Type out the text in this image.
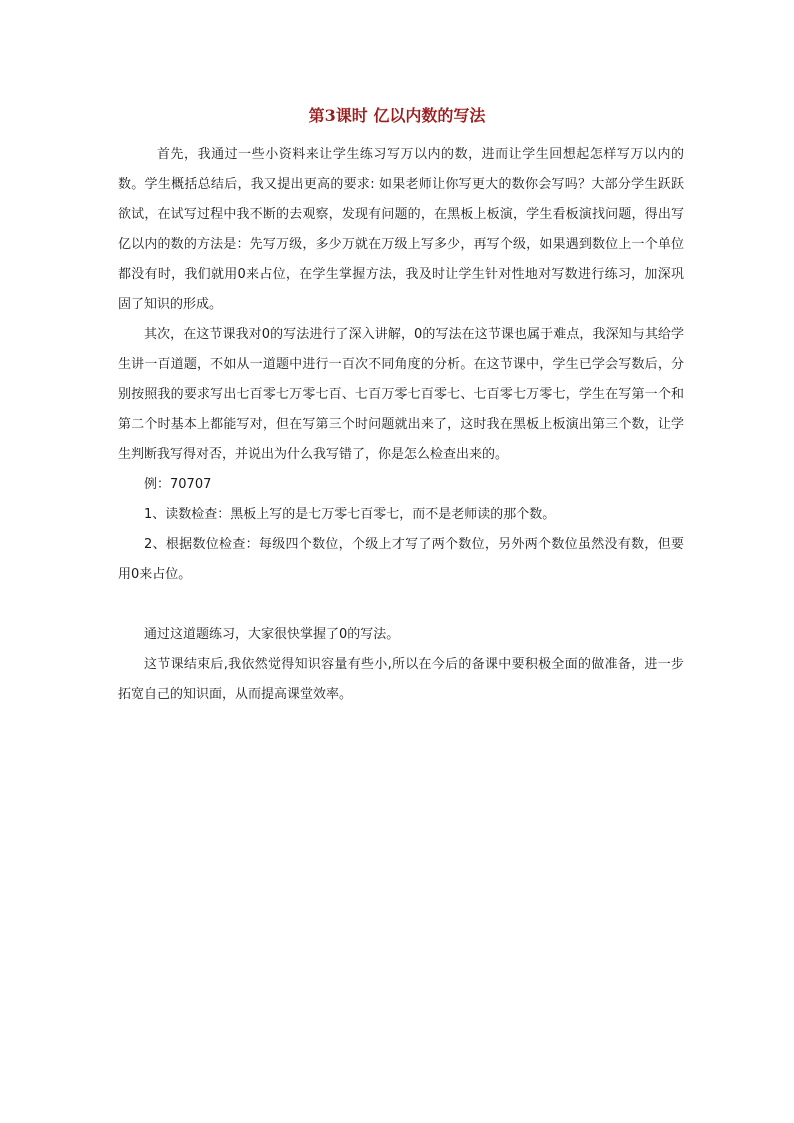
第3课时 亿以内数的写法

首先，我通过一些小资料来让学生练习写万以内的数，进而让学生回想起怎样写万以内的数。学生概括总结后，我又提出更高的要求: 如果老师让你写更大的数你会写吗？大部分学生跃跃欲试，在试写过程中我不断的去观察，发现有问题的，在黑板上板演，学生看板演找问题，得出写亿以内的数的方法是：先写万级，多少万就在万级上写多少，再写个级，如果遇到数位上一个单位都没有时，我们就用0来占位，在学生掌握方法，我及时让学生针对性地对写数进行练习，加深巩固了知识的形成。

其次，在这节课我对0的写法进行了深入讲解，0的写法在这节课也属于难点，我深知与其给学生讲一百道题，不如从一道题中进行一百次不同角度的分析。在这节课中，学生已学会写数后，分别按照我的要求写出七百零七万零七百、七百万零七百零七、七百零七万零七，学生在写第一个和第二个时基本上都能写对，但在写第三个时问题就出来了，这时我在黑板上板演出第三个数，让学生判断我写得对否，并说出为什么我写错了，你是怎么检查出来的。

例：70707

1、读数检查：黑板上写的是七万零七百零七，而不是老师读的那个数。

2、根据数位检查：每级四个数位，个级上才写了两个数位，另外两个数位虽然没有数，但要用0来占位。

通过这道题练习，大家很快掌握了0的写法。

这节课结束后,我依然觉得知识容量有些小,所以在今后的备课中要积极全面的做准备，进一步拓宽自己的知识面，从而提高课堂效率。
